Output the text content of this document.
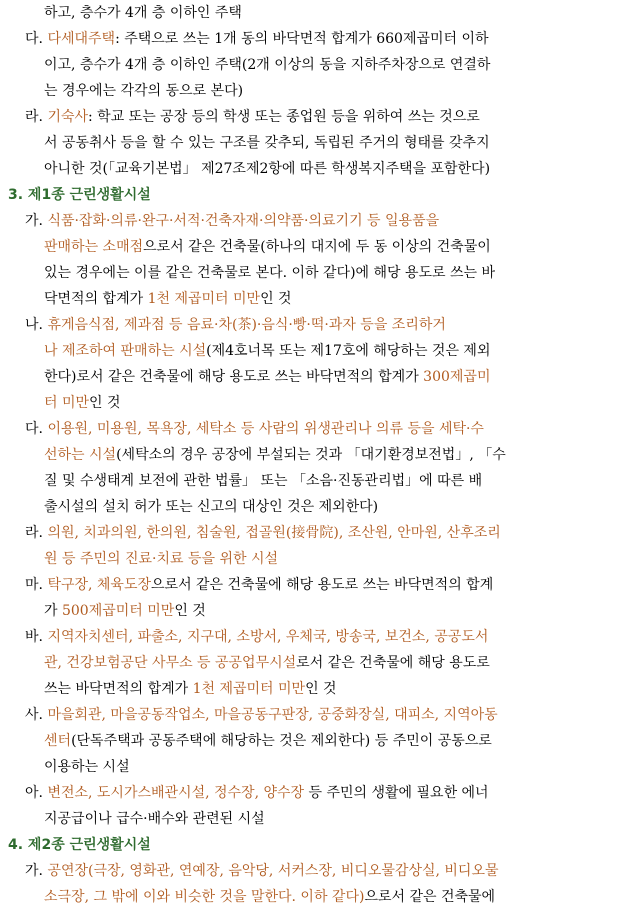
하고, 층수가 4개 층 이하인 주택
다. 다세대주택: 주택으로 쓰는 1개 동의 바닥면적 합계가 660제곱미터 이하
이고, 층수가 4개 층 이하인 주택(2개 이상의 동을 지하주차장으로 연결하
는 경우에는 각각의 동으로 본다)
라. 기숙사: 학교 또는 공장 등의 학생 또는 종업원 등을 위하여 쓰는 것으로
서 공동취사 등을 할 수 있는 구조를 갖추되, 독립된 주거의 형태를 갖추지
아니한 것(「교육기본법」 제27조제2항에 따른 학생복지주택을 포함한다)
3. 제1종 근린생활시설
가. 식품·잡화·의류·완구·서적·건축자재·의약품·의료기기 등 일용품을
판매하는 소매점으로서 같은 건축물(하나의 대지에 두 동 이상의 건축물이
있는 경우에는 이를 같은 건축물로 본다. 이하 같다)에 해당 용도로 쓰는 바
닥면적의 합계가 1천 제곱미터 미만인 것
나. 휴게음식점, 제과점 등 음료·차(茶)·음식·빵·떡·과자 등을 조리하거
나 제조하여 판매하는 시설(제4호너목 또는 제17호에 해당하는 것은 제외
한다)로서 같은 건축물에 해당 용도로 쓰는 바닥면적의 합계가 300제곱미
터 미만인 것
다. 이용원, 미용원, 목욕장, 세탁소 등 사람의 위생관리나 의류 등을 세탁·수
선하는 시설(세탁소의 경우 공장에 부설되는 것과 「대기환경보전법」, 「수
질 및 수생태계 보전에 관한 법률」 또는 「소음·진동관리법」에 따른 배
출시설의 설치 허가 또는 신고의 대상인 것은 제외한다)
라. 의원, 치과의원, 한의원, 침술원, 접골원(接骨院), 조산원, 안마원, 산후조리
원 등 주민의 진료·치료 등을 위한 시설
마. 탁구장, 체육도장으로서 같은 건축물에 해당 용도로 쓰는 바닥면적의 합계
가 500제곱미터 미만인 것
바. 지역자치센터, 파출소, 지구대, 소방서, 우체국, 방송국, 보건소, 공공도서
관, 건강보험공단 사무소 등 공공업무시설로서 같은 건축물에 해당 용도로
쓰는 바닥면적의 합계가 1천 제곱미터 미만인 것
사. 마을회관, 마을공동작업소, 마을공동구판장, 공중화장실, 대피소, 지역아동
센터(단독주택과 공동주택에 해당하는 것은 제외한다) 등 주민이 공동으로
이용하는 시설
아. 변전소, 도시가스배관시설, 정수장, 양수장 등 주민의 생활에 필요한 에너
지공급이나 급수·배수와 관련된 시설
4. 제2종 근린생활시설
가. 공연장(극장, 영화관, 연예장, 음악당, 서커스장, 비디오물감상실, 비디오물
소극장, 그 밖에 이와 비슷한 것을 말한다. 이하 같다)으로서 같은 건축물에
